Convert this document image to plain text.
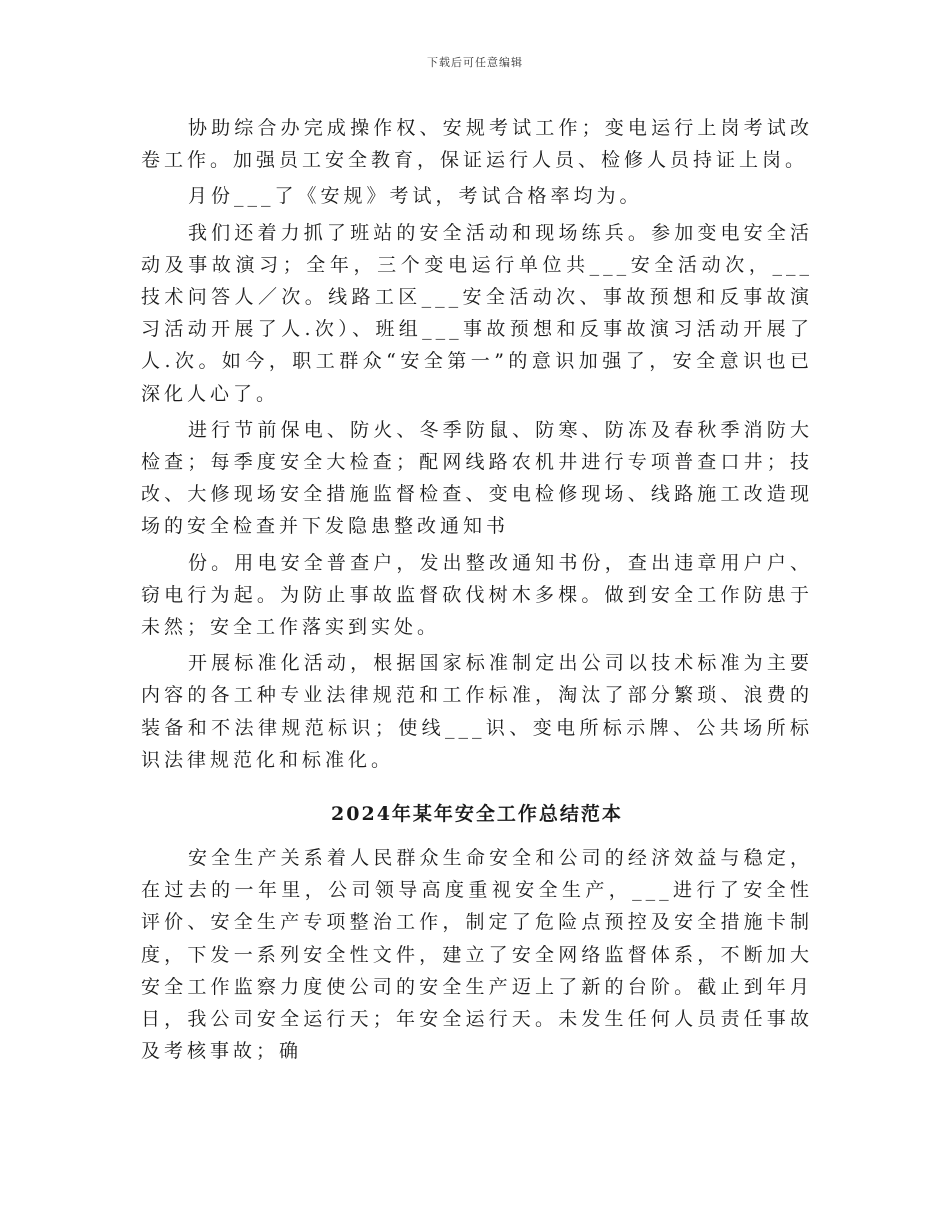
下载后可任意编辑

协助综合办完成操作权、安规考试工作；变电运行上岗考试改卷工作。加强员工安全教育，保证运行人员、检修人员持证上岗。

月份___了《安规》考试，考试合格率均为。

我们还着力抓了班站的安全活动和现场练兵。参加变电安全活动及事故演习；全年，三个变电运行单位共___安全活动次，___技术问答人／次。线路工区___安全活动次、事故预想和反事故演习活动开展了人.次）、班组___事故预想和反事故演习活动开展了人.次。如今，职工群众“安全第一”的意识加强了，安全意识也已深化人心了。

进行节前保电、防火、冬季防鼠、防寒、防冻及春秋季消防大检查；每季度安全大检查；配网线路农机井进行专项普查口井；技改、大修现场安全措施监督检查、变电检修现场、线路施工改造现场的安全检查并下发隐患整改通知书

份。用电安全普查户，发出整改通知书份，查出违章用户户、窃电行为起。为防止事故监督砍伐树木多棵。做到安全工作防患于未然；安全工作落实到实处。

开展标准化活动，根据国家标准制定出公司以技术标准为主要内容的各工种专业法律规范和工作标准，淘汰了部分繁琐、浪费的装备和不法律规范标识；使线___识、变电所标示牌、公共场所标识法律规范化和标准化。

2024年某年安全工作总结范本

安全生产关系着人民群众生命安全和公司的经济效益与稳定，在过去的一年里，公司领导高度重视安全生产，___进行了安全性评价、安全生产专项整治工作，制定了危险点预控及安全措施卡制度，下发一系列安全性文件，建立了安全网络监督体系，不断加大安全工作监察力度使公司的安全生产迈上了新的台阶。截止到年月日，我公司安全运行天；年安全运行天。未发生任何人员责任事故及考核事故；确
